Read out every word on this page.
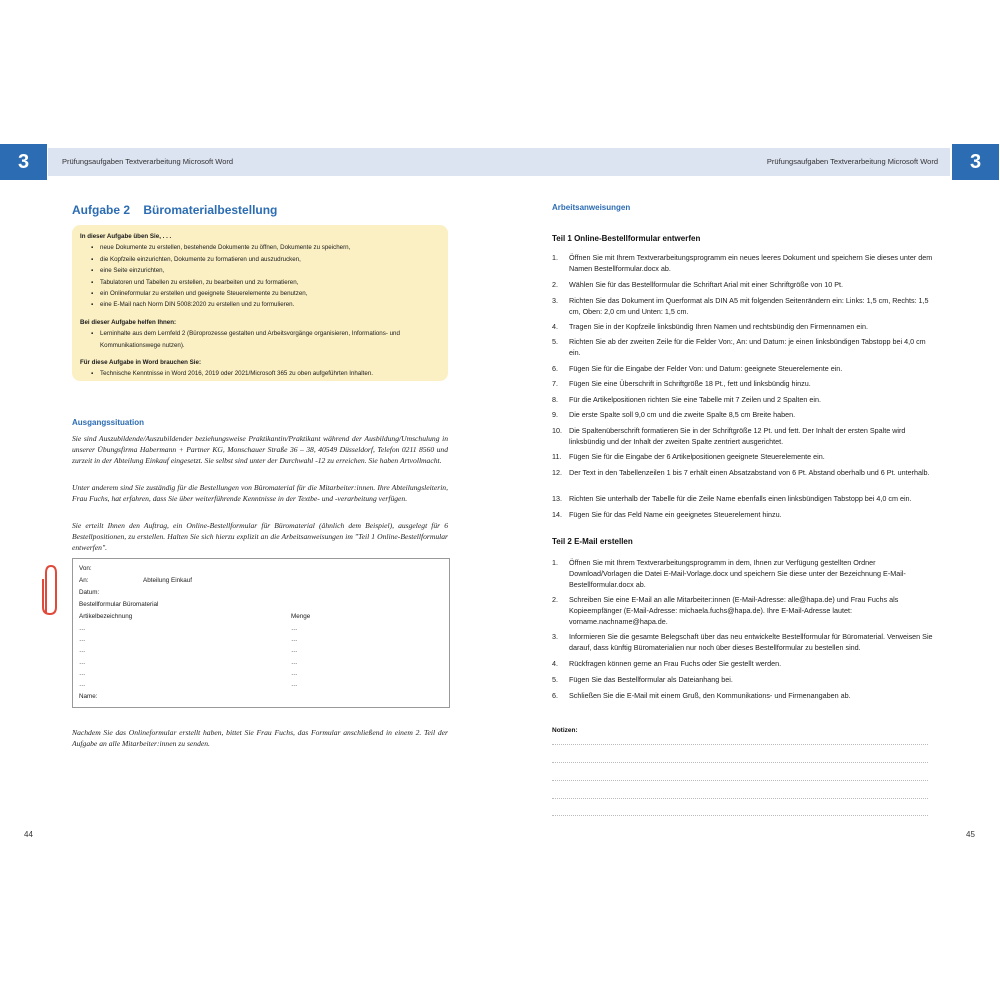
3	3
Prüfungsaufgaben Textverarbeitung Microsoft Word	Prüfungsaufgaben Textverarbeitung Microsoft Word
Aufgabe 2 Büromaterialbestellung
In dieser Aufgabe üben Sie, . . .
▪ neue Dokumente zu erstellen, bestehende Dokumente zu öffnen, Dokumente zu speichern,
▪ die Kopfzeile einzurichten, Dokumente zu formatieren und auszudrucken,
▪ eine Seite einzurichten,
▪ Tabulatoren und Tabellen zu erstellen, zu bearbeiten und zu formatieren,
▪ ein Onlineformular zu erstellen und geeignete Steuerelemente zu benutzen,
▪ eine E-Mail nach Norm DIN 5008:2020 zu erstellen und zu formulieren.
Bei dieser Aufgabe helfen Ihnen:
▪ Lerninhalte aus dem Lernfeld 2 (Büroprozesse gestalten und Arbeitsvorgänge organisieren, Informations- und
Kommunikationswege nutzen).
Für diese Aufgabe in Word brauchen Sie:
▪ Technische Kenntnisse in Word 2016, 2019 oder 2021/Microsoft 365 zu oben aufgeführten Inhalten.
Ausgangssituation
Sie sind Auszubildende/Auszubildender beziehungsweise Praktikantin/Praktikant während der Ausbildung/Umschulung in unserer Übungsfirma Habermann + Partner KG, Monschauer Straße 36 – 38, 40549 Düsseldorf, Telefon 0211 8560 und zurzeit in der Abteilung Einkauf eingesetzt. Sie selbst sind unter der Durchwahl -12 zu erreichen. Sie haben Artvollmacht.
Unter anderem sind Sie zuständig für die Bestellungen von Büromaterial für die Mitarbeiter:innen. Ihre Abteilungsleiterin, Frau Fuchs, hat erfahren, dass Sie über weiterführende Kenntnisse in der Textbe- und -verarbeitung verfügen.
Sie erteilt Ihnen den Auftrag, ein Online-Bestellformular für Büromaterial (ähnlich dem Beispiel), ausgelegt für 6 Bestellpositionen, zu erstellen. Halten Sie sich hierzu explizit an die Arbeitsanweisungen im "Teil 1 Online-Bestellformular entwerfen".
Von:
An:	Abteilung Einkauf
Datum:
Bestellformular Büromaterial
Artikelbezeichnung	Menge
…	…
…	…
…	…
…	…
…	…
…	…
Name:
Nachdem Sie das Onlineformular erstellt haben, bittet Sie Frau Fuchs, das Formular anschließend in einem 2. Teil der Aufgabe an alle Mitarbeiter:innen zu senden.
44	45
Arbeitsanweisungen
Teil 1 Online-Bestellformular entwerfen
1. Öffnen Sie mit Ihrem Textverarbeitungsprogramm ein neues leeres Dokument und speichern Sie dieses unter dem Namen Bestellformular.docx ab.
2. Wählen Sie für das Bestellformular die Schriftart Arial mit einer Schriftgröße von 10 Pt.
3. Richten Sie das Dokument im Querformat als DIN A5 mit folgenden Seitenrändern ein: Links: 1,5 cm, Rechts: 1,5 cm, Oben: 2,0 cm und Unten: 1,5 cm.
4. Tragen Sie in der Kopfzeile linksbündig Ihren Namen und rechtsbündig den Firmennamen ein.
5. Richten Sie ab der zweiten Zeile für die Felder Von:, An: und Datum: je einen linksbündigen Tabstopp bei 4,0 cm ein.
6. Fügen Sie für die Eingabe der Felder Von: und Datum: geeignete Steuerelemente ein.
7. Fügen Sie eine Überschrift in Schriftgröße 18 Pt., fett und linksbündig hinzu.
8. Für die Artikelpositionen richten Sie eine Tabelle mit 7 Zeilen und 2 Spalten ein.
9. Die erste Spalte soll 9,0 cm und die zweite Spalte 8,5 cm Breite haben.
10. Die Spaltenüberschrift formatieren Sie in der Schriftgröße 12 Pt. und fett. Der Inhalt der ersten Spalte wird linksbündig und der Inhalt der zweiten Spalte zentriert ausgerichtet.
11. Fügen Sie für die Eingabe der 6 Artikelpositionen geeignete Steuerelemente ein.
12. Der Text in den Tabellenzeilen 1 bis 7 erhält einen Absatzabstand von 6 Pt. Abstand oberhalb und 6 Pt. unterhalb.
13. Richten Sie unterhalb der Tabelle für die Zeile Name ebenfalls einen linksbündigen Tabstopp bei 4,0 cm ein.
14. Fügen Sie für das Feld Name ein geeignetes Steuerelement hinzu.
Teil 2 E-Mail erstellen
1. Öffnen Sie mit Ihrem Textverarbeitungsprogramm in dem, Ihnen zur Verfügung gestellten Ordner Download/Vorlagen die Datei E-Mail-Vorlage.docx und speichern Sie diese unter der Bezeichnung E-Mail-Bestellformular.docx ab.
2. Schreiben Sie eine E-Mail an alle Mitarbeiter:innen (E-Mail-Adresse: alle@hapa.de) und Frau Fuchs als Kopieempfänger (E-Mail-Adresse: michaela.fuchs@hapa.de). Ihre E-Mail-Adresse lautet: vorname.nachname@hapa.de.
3. Informieren Sie die gesamte Belegschaft über das neu entwickelte Bestellformular für Büromaterial. Verweisen Sie darauf, dass künftig Büromaterialien nur noch über dieses Bestellformular zu bestellen sind.
4. Rückfragen können gerne an Frau Fuchs oder Sie gestellt werden.
5. Fügen Sie das Bestellformular als Dateianhang bei.
6. Schließen Sie die E-Mail mit einem Gruß, den Kommunikations- und Firmenangaben ab.
Notizen:
